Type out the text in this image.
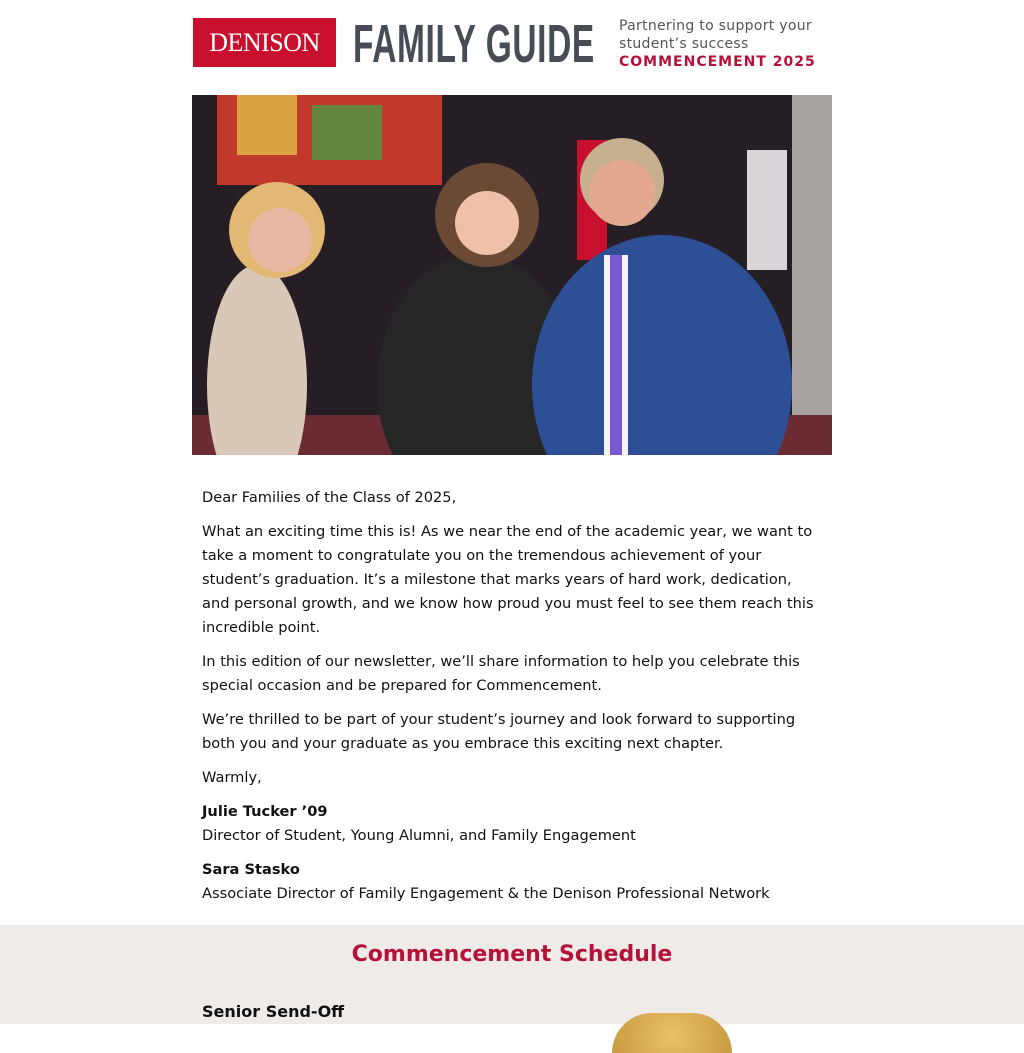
DENISON FAMILY GUIDE Partnering to support your
student’s success
COMMENCEMENT 2025

Dear Families of the Class of 2025,

What an exciting time this is! As we near the end of the academic year, we want to take a moment to congratulate you on the tremendous achievement of your student’s graduation. It’s a milestone that marks years of hard work, dedication, and personal growth, and we know how proud you must feel to see them reach this incredible point.

In this edition of our newsletter, we’ll share information to help you celebrate this special occasion and be prepared for Commencement.

We’re thrilled to be part of your student’s journey and look forward to supporting both you and your graduate as you embrace this exciting next chapter.

Warmly,

Julie Tucker ’09
Director of Student, Young Alumni, and Family Engagement

Sara Stasko
Associate Director of Family Engagement & the Denison Professional Network

Commencement Schedule
Senior Send-Off
